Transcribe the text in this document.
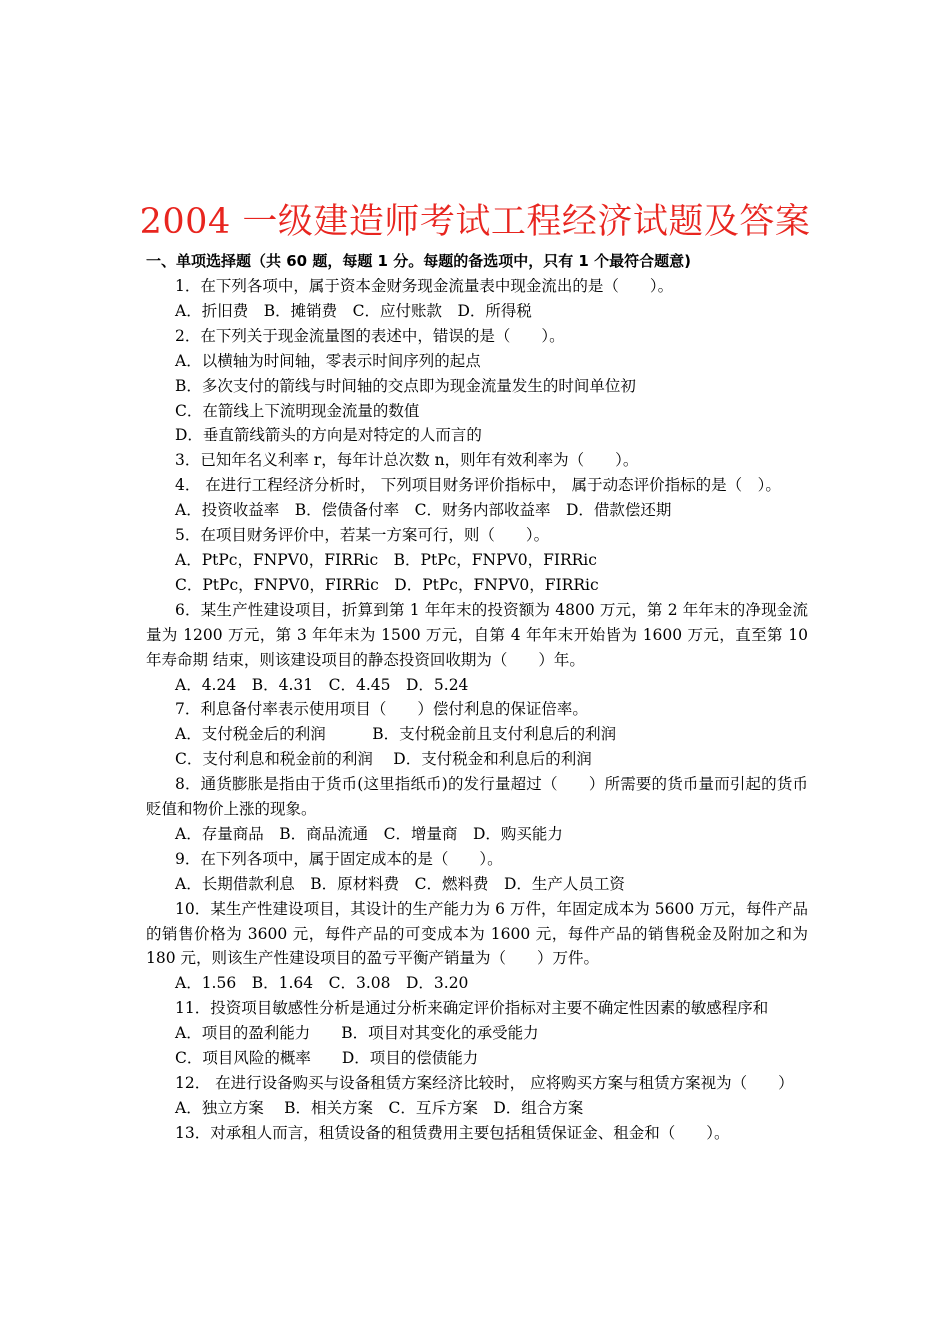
2004 一级建造师考试工程经济试题及答案
一、单项选择题（共 60 题，每题 1 分。每题的备选项中，只有 1 个最符合题意)
1．在下列各项中，属于资本金财务现金流量表中现金流出的是（　　）。
A．折旧费　B．摊销费　C．应付账款　D．所得税
2．在下列关于现金流量图的表述中，错误的是（　　）。
A．以横轴为时间轴，零表示时间序列的起点
B．多次支付的箭线与时间轴的交点即为现金流量发生的时间单位初
C．在箭线上下流明现金流量的数值
D．垂直箭线箭头的方向是对特定的人而言的
3．已知年名义利率 r，每年计总次数 n，则年有效利率为（　　）。
4． 在进行工程经济分析时， 下列项目财务评价指标中， 属于动态评价指标的是（　）。
A．投资收益率　B．偿债备付率　C．财务内部收益率　D．借款偿还期
5．在项目财务评价中，若某一方案可行，则（　　）。
A．PtPc，FNPV0，FIRRic　B．PtPc，FNPV0，FIRRic
C．PtPc，FNPV0，FIRRic　D．PtPc，FNPV0，FIRRic
6．某生产性建设项目，折算到第 1 年年末的投资额为 4800 万元，第 2 年年末的净现金流 量为 1200 万元，第 3 年年末为 1500 万元，自第 4 年年末开始皆为 1600 万元，直至第 10 年寿命期 结束，则该建设项目的静态投资回收期为（　　）年。
A．4.24　B．4.31　C．4.45　D．5.24
7．利息备付率表示使用项目（　　）偿付利息的保证倍率。
A．支付税金后的利润　　　B．支付税金前且支付利息后的利润
C．支付利息和税金前的利润　 D．支付税金和利息后的利润
8．通货膨胀是指由于货币(这里指纸币)的发行量超过（　　）所需要的货币量而引起的货币贬值和物价上涨的现象。
A．存量商品　B．商品流通　C．增量商　D．购买能力
9．在下列各项中，属于固定成本的是（　　）。
A．长期借款利息　B．原材料费　C．燃料费　D．生产人员工资
10．某生产性建设项目，其设计的生产能力为 6 万件，年固定成本为 5600 万元，每件产品的销售价格为 3600 元，每件产品的可变成本为 1600 元，每件产品的销售税金及附加之和为 180 元，则该生产性建设项目的盈亏平衡产销量为（　　）万件。
A．1.56　B．1.64　C．3.08　D．3.20
11．投资项目敏感性分析是通过分析来确定评价指标对主要不确定性因素的敏感程序和
A．项目的盈利能力　　B．项目对其变化的承受能力
C．项目风险的概率　　D．项目的偿债能力
12． 在进行设备购买与设备租赁方案经济比较时， 应将购买方案与租赁方案视为（　　）
A．独立方案　 B．相关方案　C．互斥方案　D．组合方案
13．对承租人而言，租赁设备的租赁费用主要包括租赁保证金、租金和（　　）。
